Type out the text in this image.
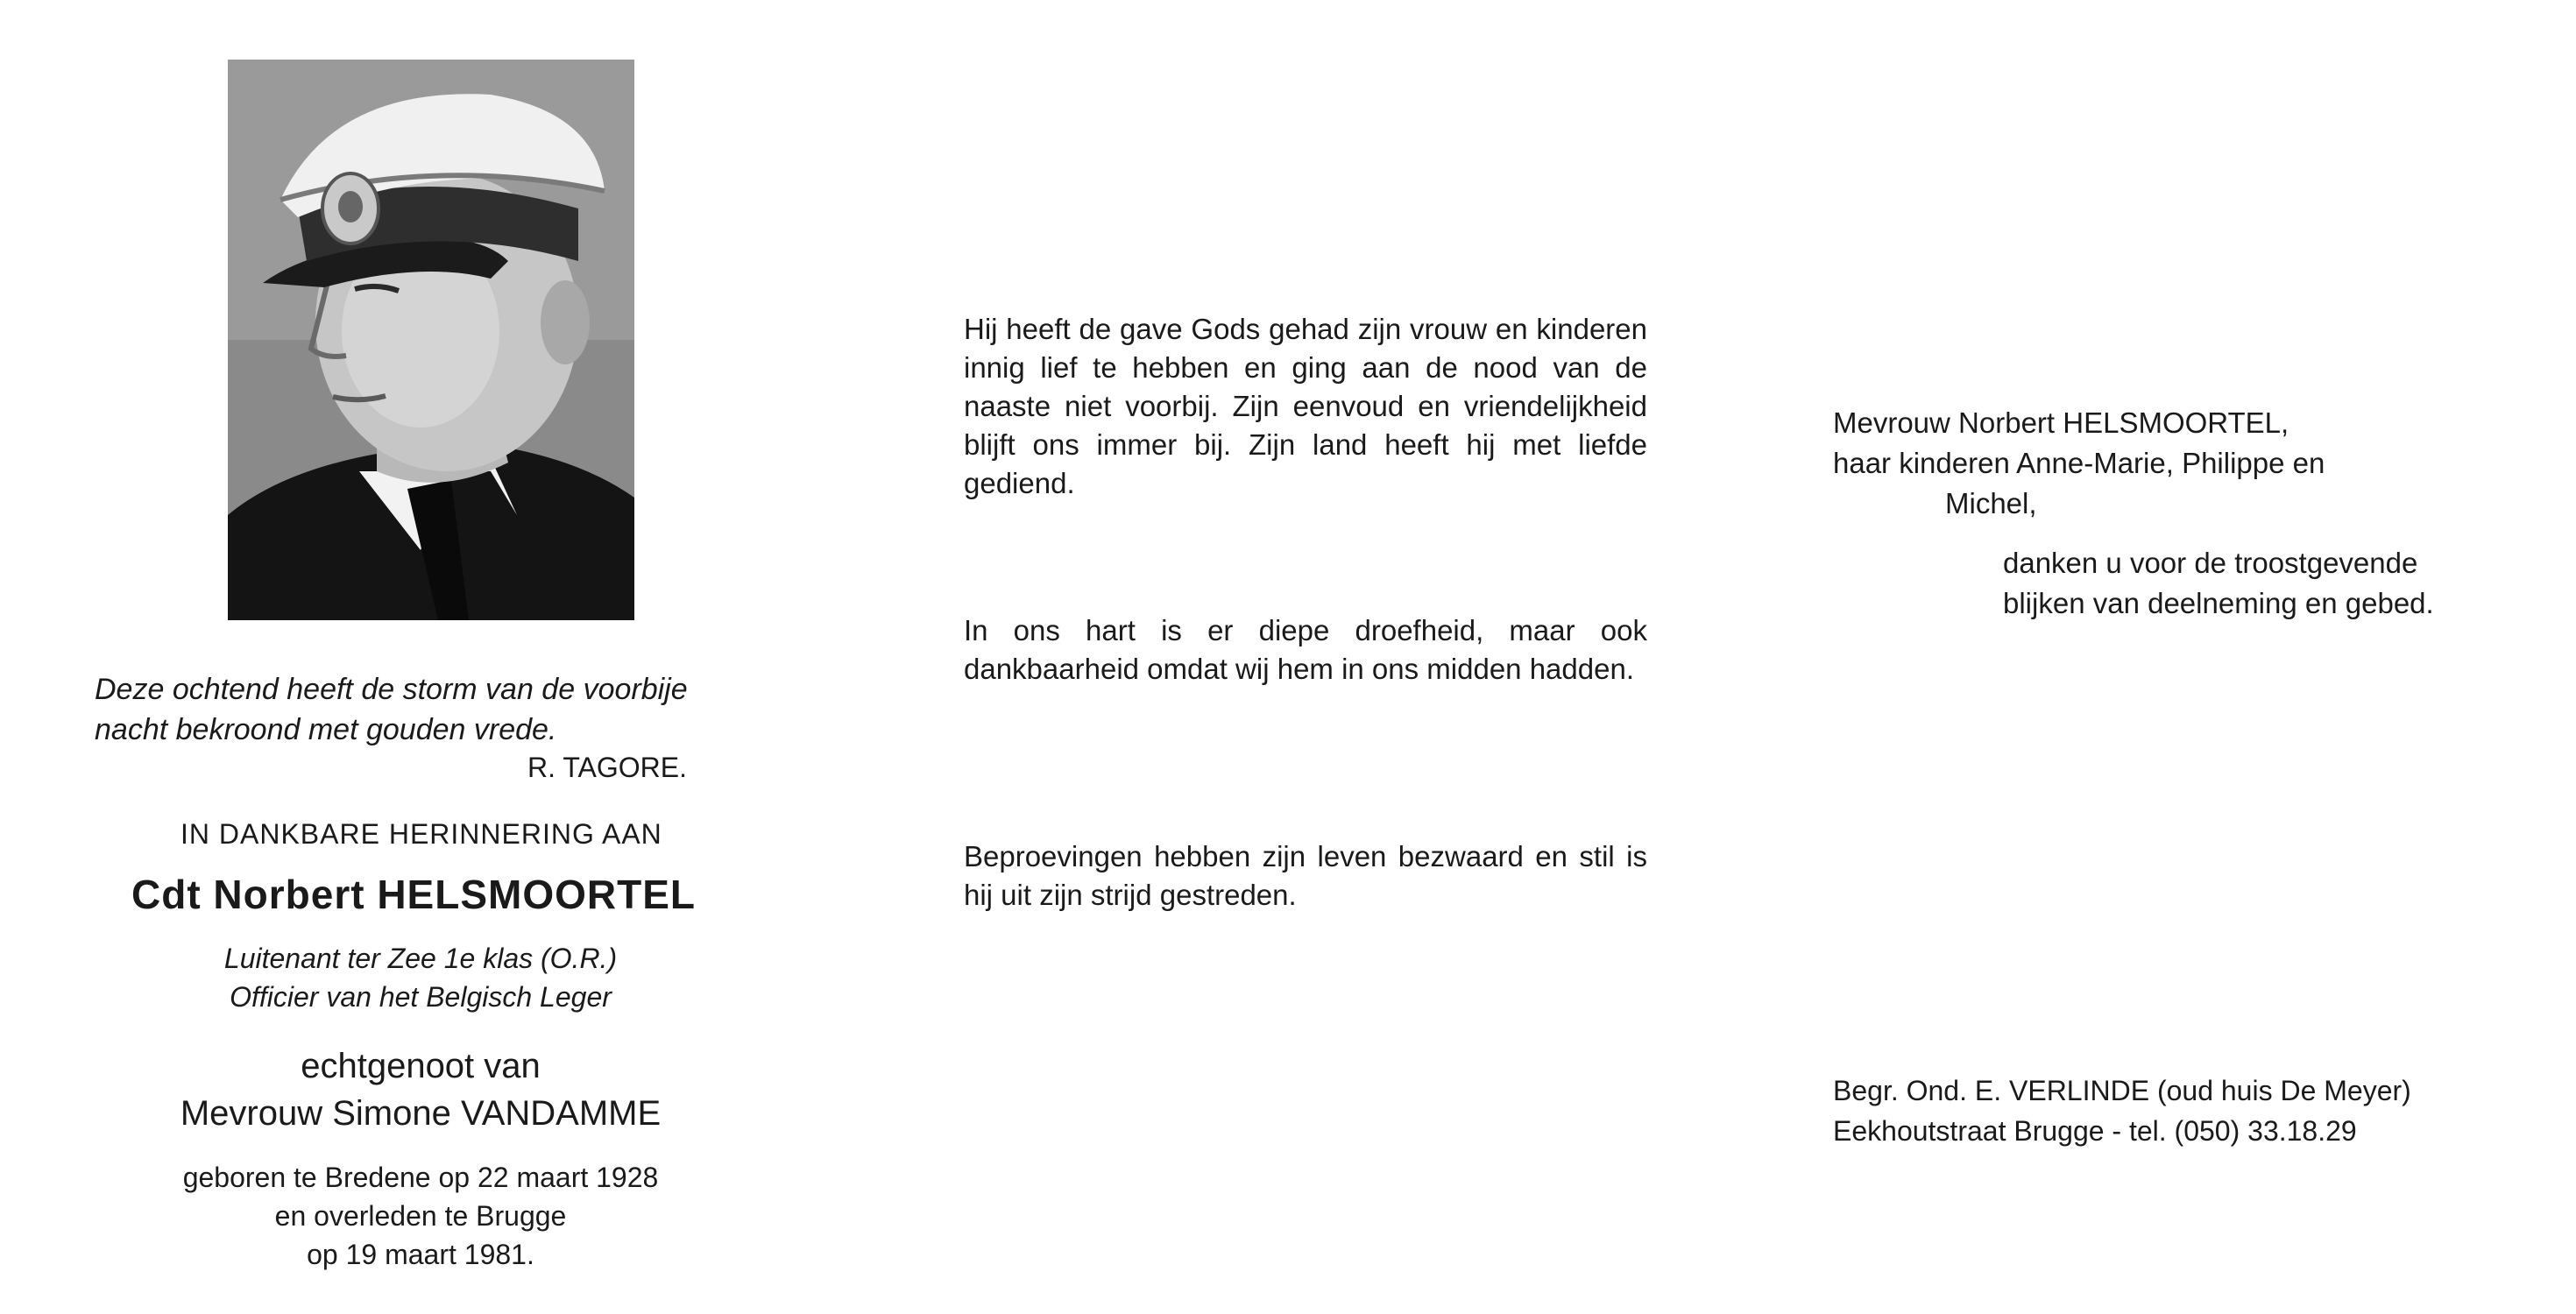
Deze ochtend heeft de storm van de voorbije
nacht bekroond met gouden vrede.
R. TAGORE.
IN DANKBARE HERINNERING AAN
Cdt Norbert HELSMOORTEL
Luitenant ter Zee 1e klas (O.R.)
Officier van het Belgisch Leger
echtgenoot van
Mevrouw Simone VANDAMME
geboren te Bredene op 22 maart 1928
en overleden te Brugge
op 19 maart 1981.
Hij heeft de gave Gods gehad zijn vrouw en kinderen innig lief te hebben en ging aan de nood van de naaste niet voorbij. Zijn eenvoud en vriendelijkheid blijft ons immer bij. Zijn land heeft hij met liefde gediend.
In ons hart is er diepe droefheid, maar ook dankbaarheid omdat wij hem in ons midden hadden.
Beproevingen hebben zijn leven bezwaard en stil is hij uit zijn strijd gestreden.
Mevrouw Norbert HELSMOORTEL,
haar kinderen Anne-Marie, Philippe en
Michel,
danken u voor de troostgevende
blijken van deelneming en gebed.
Begr. Ond. E. VERLINDE (oud huis De Meyer)
Eekhoutstraat Brugge - tel. (050) 33.18.29
